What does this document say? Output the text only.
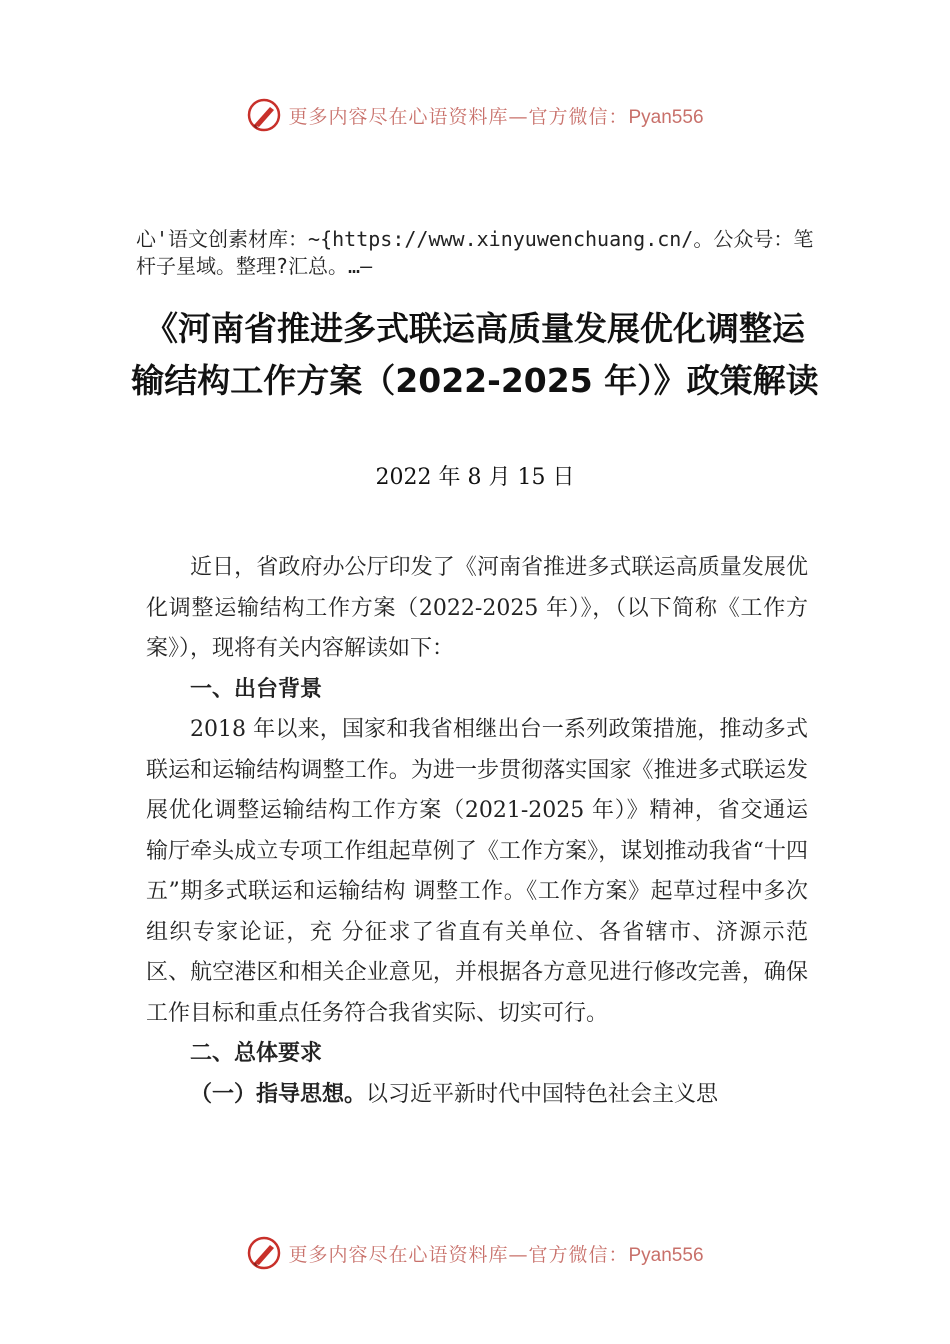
更多内容尽在心语资料库—官方微信：Pyan556
心'语文创素材库：~{https://www.xinyuwenchuang.cn/。公众号：笔杆子星域。整理?汇总。…—
《河南省推进多式联运高质量发展优化调整运输结构工作方案（2022-2025 年）》政策解读
2022 年 8 月 15 日

近日，省政府办公厅印发了《河南省推进多式联运高质量发展优化调整运输结构工作方案（2022-2025 年）》，（以下简称《工作方案》），现将有关内容解读如下：

一、出台背景

2018 年以来，国家和我省相继出台一系列政策措施，推动多式联运和运输结构调整工作。为进一步贯彻落实国家《推进多式联运发展优化调整运输结构工作方案（2021-2025 年）》精神，省交通运输厅牵头成立专项工作组起草例了《工作方案》，谋划推动我省“十四五”期多式联运和运输结构 调整工作。《工作方案》起草过程中多次组织专家论证，充 分征求了省直有关单位、各省辖市、济源示范区、航空港区和相关企业意见，并根据各方意见进行修改完善，确保工作目标和重点任务符合我省实际、切实可行。

二、总体要求

（一）指导思想。以习近平新时代中国特色社会主义思

更多内容尽在心语资料库—官方微信：Pyan556
